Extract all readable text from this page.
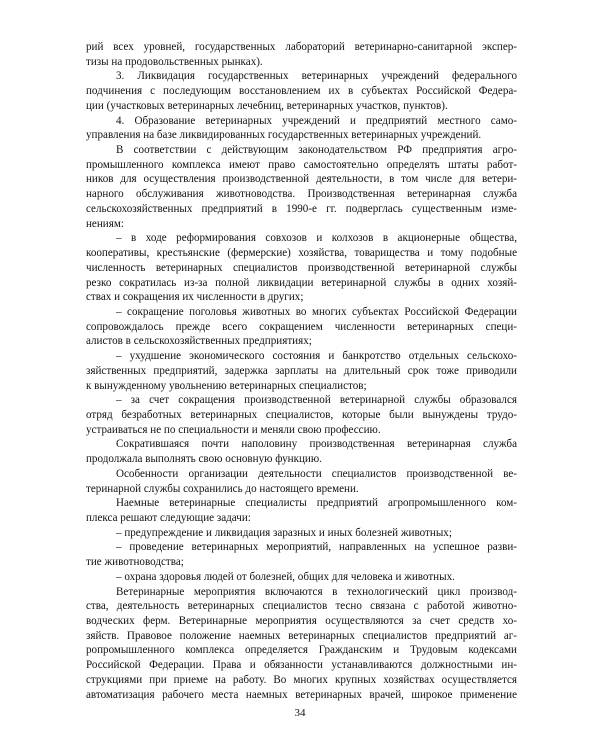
рий всех уровней, государственных лабораторий ветеринарно-санитарной экспер-

тизы на продовольственных рынках).

3. Ликвидация государственных ветеринарных учреждений федерального

подчинения с последующим восстановлением их в субъектах Российской Федера-

ции (участковых ветеринарных лечебниц, ветеринарных участков, пунктов).

4. Образование ветеринарных учреждений и предприятий местного само-

управления на базе ликвидированных государственных ветеринарных учреждений.

В соответствии с действующим законодательством РФ предприятия агро-

промышленного комплекса имеют право самостоятельно определять штаты работ-

ников для осуществления производственной деятельности, в том числе для ветери-

нарного обслуживания животноводства. Производственная ветеринарная служба

сельскохозяйственных предприятий в 1990-е гг. подверглась существенным изме-

нениям:

– в ходе реформирования совхозов и колхозов в акционерные общества,

кооперативы, крестьянские (фермерские) хозяйства, товарищества и тому подобные

численность ветеринарных специалистов производственной ветеринарной службы

резко сократилась из-за полной ликвидации ветеринарной службы в одних хозяй-

ствах и сокращения их численности в других;

– сокращение поголовья животных во многих субъектах Российской Федерации

сопровождалось прежде всего сокращением численности ветеринарных специ-

алистов в сельскохозяйственных предприятиях;

– ухудшение экономического состояния и банкротство отдельных сельскохо-

зяйственных предприятий, задержка зарплаты на длительный срок тоже приводили

к вынужденному увольнению ветеринарных специалистов;

– за счет сокращения производственной ветеринарной службы образовался

отряд безработных ветеринарных специалистов, которые были вынуждены трудо-

устраиваться не по специальности и меняли свою профессию.

Сократившаяся почти наполовину производственная ветеринарная служба

продолжала выполнять свою основную функцию.

Особенности организации деятельности специалистов производственной ве-

теринарной службы сохранились до настоящего времени.

Наемные ветеринарные специалисты предприятий агропромышленного ком-

плекса решают следующие задачи:

– предупреждение и ликвидация заразных и иных болезней животных;

– проведение ветеринарных мероприятий, направленных на успешное разви-

тие животноводства;

– охрана здоровья людей от болезней, общих для человека и животных.

Ветеринарные мероприятия включаются в технологический цикл производ-

ства, деятельность ветеринарных специалистов тесно связана с работой животно-

водческих ферм. Ветеринарные мероприятия осуществляются за счет средств хо-

зяйств. Правовое положение наемных ветеринарных специалистов предприятий аг-

ропромышленного комплекса определяется Гражданским и Трудовым кодексами

Российской Федерации. Права и обязанности устанавливаются должностными ин-

струкциями при приеме на работу. Во многих крупных хозяйствах осуществляется

автоматизация рабочего места наемных ветеринарных врачей, широкое применение

34
